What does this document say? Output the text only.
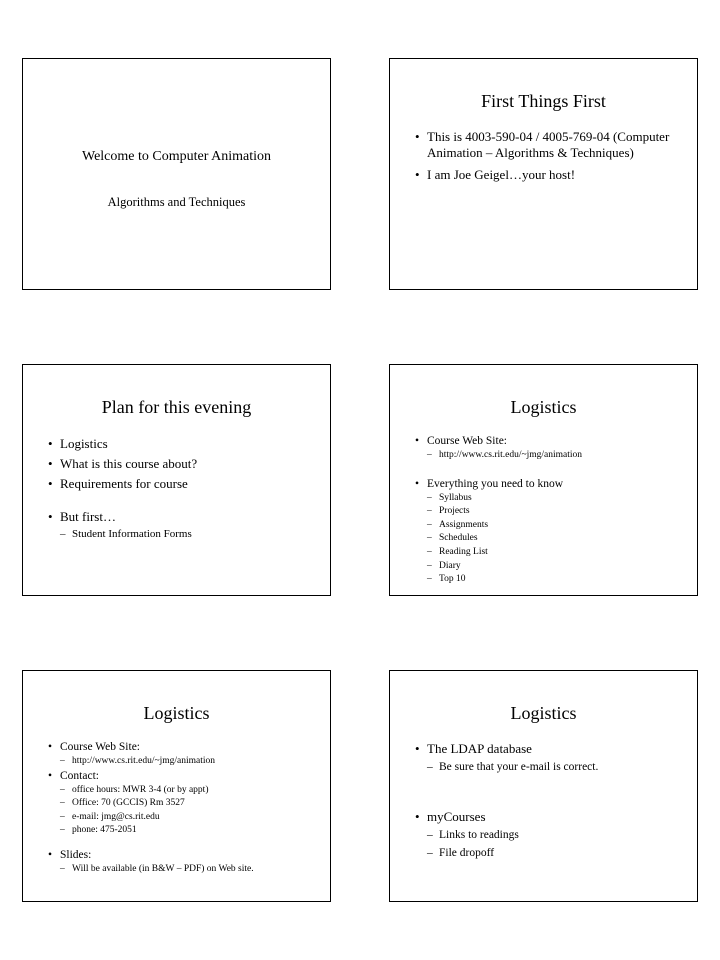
Welcome to Computer Animation
Algorithms and Techniques
First Things First
• This is 4003-590-04 / 4005-769-04 (Computer Animation – Algorithms & Techniques)
• I am Joe Geigel…your host!
Plan for this evening
• Logistics
• What is this course about?
• Requirements for course
• But first…
– Student Information Forms
Logistics
• Course Web Site:
– http://www.cs.rit.edu/~jmg/animation
• Everything you need to know
– Syllabus
– Projects
– Assignments
– Schedules
– Reading List
– Diary
– Top 10
Logistics
• Course Web Site:
– http://www.cs.rit.edu/~jmg/animation
• Contact:
– office hours: MWR 3-4 (or by appt)
– Office: 70 (GCCIS) Rm 3527
– e-mail: jmg@cs.rit.edu
– phone: 475-2051
• Slides:
– Will be available (in B&W – PDF) on Web site.
Logistics
• The LDAP database
– Be sure that your e-mail is correct.
• myCourses
– Links to readings
– File dropoff
